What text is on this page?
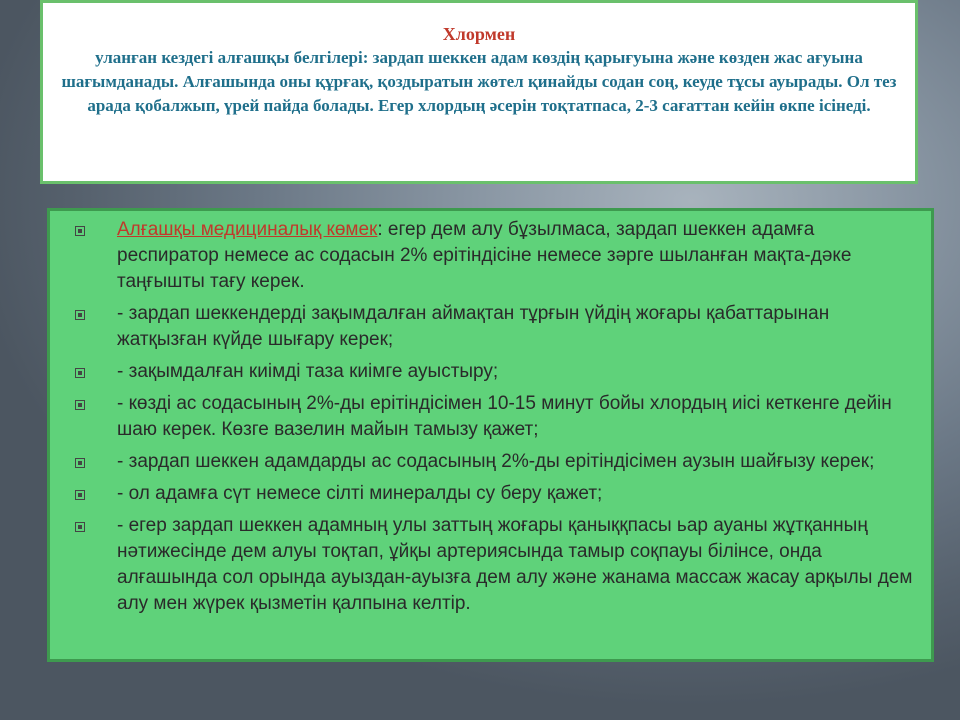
Хлормен
уланған кездегі алғашқы белгілері: зардап шеккен адам көздің қарығуына және көзден жас ағуына шағымданады. Алғашында оны құрғақ, қоздыратын жөтел қинайды содан соң, кеуде тұсы ауырады. Ол тез арада қобалжып, үрей пайда болады. Егер хлордың әсерін тоқтатпаса, 2-3 сағаттан кейін өкпе ісінеді.
Алғашқы медициналық көмек: егер дем алу бұзылмаса, зардап шеккен адамға респиратор немесе ас содасын 2% ерітіндісіне немесе зәрге шыланған мақта-дәке таңғышты тағу керек.
- зардап шеккендерді зақымдалған аймақтан тұрғын үйдің жоғары қабаттарынан жатқызған күйде шығару керек;
- зақымдалған киімді таза киімге ауыстыру;
- көзді ас содасының 2%-ды ерітіндісімен 10-15 минут бойы хлордың иісі кеткенге дейін шаю керек. Көзге вазелин майын тамызу қажет;
- зардап шеккен адамдарды ас содасының 2%-ды ерітіндісімен аузын шайғызу керек;
- ол адамға сүт немесе сілті минералды су беру қажет;
- егер зардап шеккен адамның улы заттың жоғары қаныққпасы ьар ауаны жұтқанның нәтижесінде дем алуы тоқтап, ұйқы артериясында тамыр соқпауы білінсе, онда алғашында сол орында ауыздан-ауызға дем алу және жанама массаж жасау арқылы дем алу мен жүрек қызметін қалпына келтір.
